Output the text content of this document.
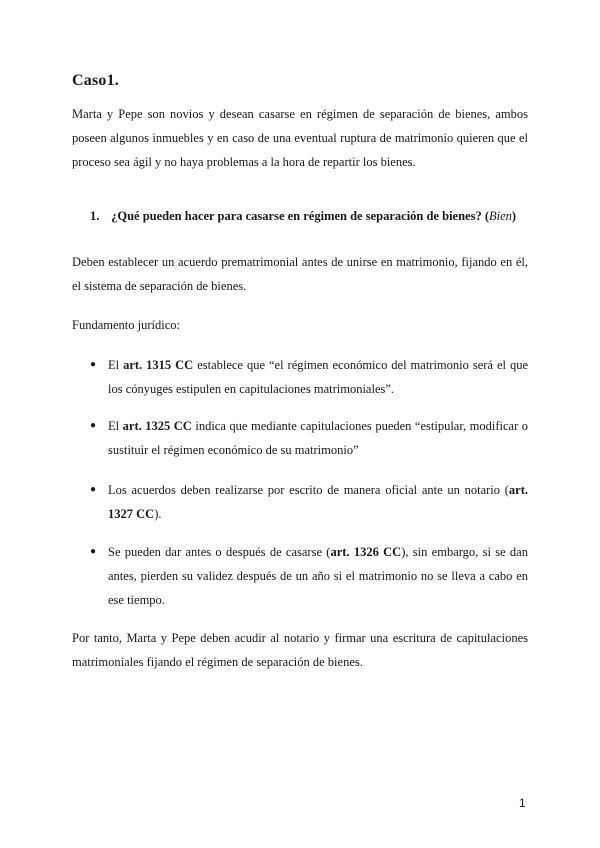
Caso1.

Marta y Pepe son novios y desean casarse en régimen de separación de bienes, ambos poseen algunos inmuebles y en caso de una eventual ruptura de matrimonio quieren que el proceso sea ágil y no haya problemas a la hora de repartir los bienes.

1. ¿Qué pueden hacer para casarse en régimen de separación de bienes? (Bien)

Deben establecer un acuerdo prematrimonial antes de unirse en matrimonio, fijando en él, el sistema de separación de bienes.

Fundamento jurídico:

● El art. 1315 CC establece que “el régimen económico del matrimonio será el que los cónyuges estipulen en capitulaciones matrimoniales”.
● El art. 1325 CC indica que mediante capitulaciones pueden “estipular, modificar o sustituir el régimen económico de su matrimonio”
● Los acuerdos deben realizarse por escrito de manera oficial ante un notario (art. 1327 CC).
● Se pueden dar antes o después de casarse (art. 1326 CC), sin embargo, si se dan antes, pierden su validez después de un año si el matrimonio no se lleva a cabo en ese tiempo.

Por tanto, Marta y Pepe deben acudir al notario y firmar una escritura de capitulaciones matrimoniales fijando el régimen de separación de bienes.

1
